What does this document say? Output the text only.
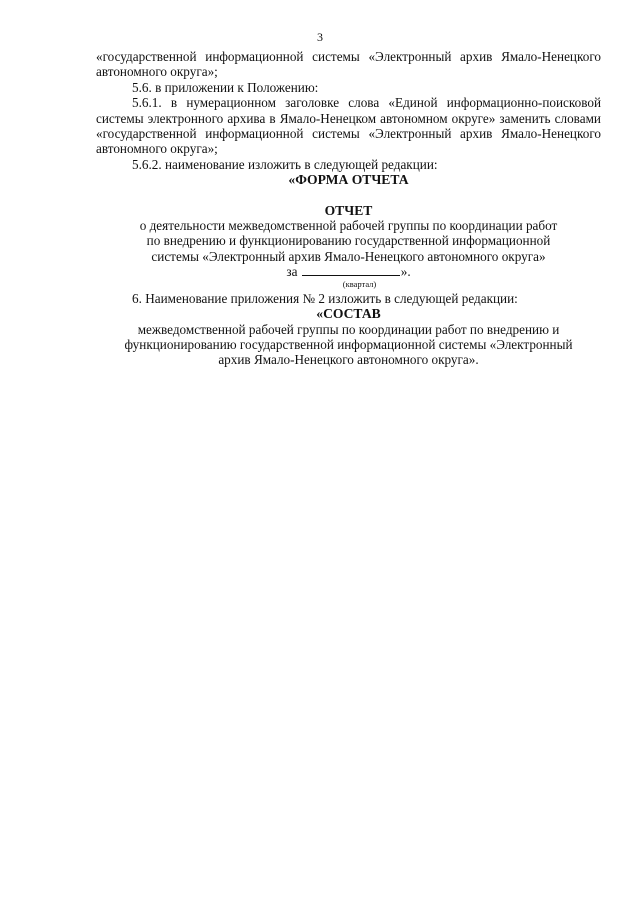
3

«государственной информационной системы «Электронный архив Ямало-Ненецкого автономного округа»;

5.6. в приложении к Положению:

5.6.1. в нумерационном заголовке слова «Единой информационно-поисковой системы электронного архива в Ямало-Ненецком автономном округе» заменить словами «государственной информационной системы «Электронный архив Ямало-Ненецкого автономного округа»;

5.6.2. наименование изложить в следующей редакции:

«ФОРМА ОТЧЕТА

ОТЧЕТ

о деятельности межведомственной рабочей группы по координации работ

по внедрению и функционированию государственной информационной

системы «Электронный архив Ямало-Ненецкого автономного округа»

за	».

(квартал)

6. Наименование приложения № 2 изложить в следующей редакции:

«СОСТАВ

межведомственной рабочей группы по координации работ по внедрению и

функционированию государственной информационной системы «Электронный

архив Ямало-Ненецкого автономного округа».
